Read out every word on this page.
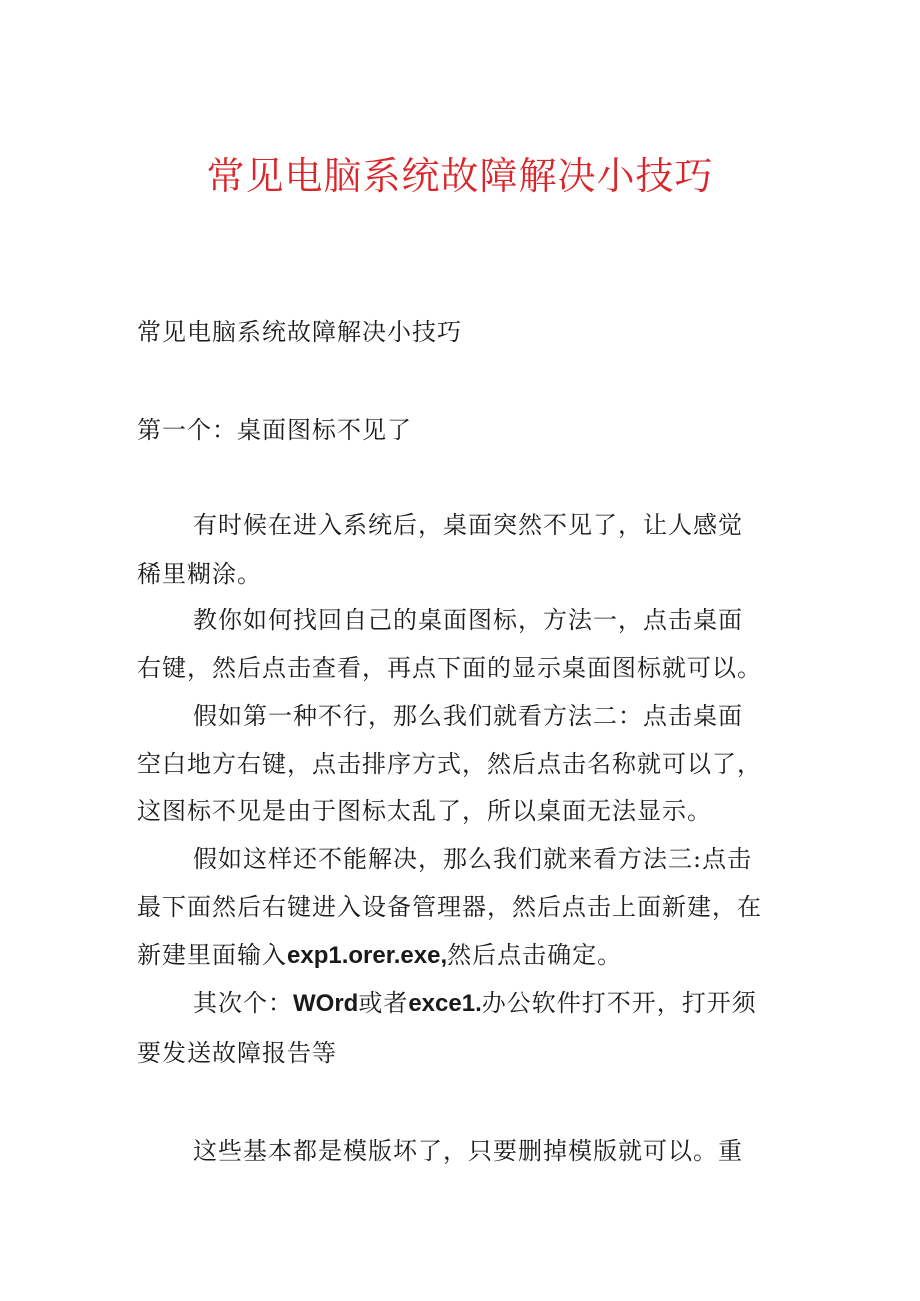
常见电脑系统故障解决小技巧
常见电脑系统故障解决小技巧
第一个：桌面图标不见了
有时候在进入系统后，桌面突然不见了，让人感觉
稀里糊涂。
教你如何找回自己的桌面图标，方法一，点击桌面
右键，然后点击查看，再点下面的显示桌面图标就可以。
假如第一种不行，那么我们就看方法二：点击桌面
空白地方右键，点击排序方式，然后点击名称就可以了，
这图标不见是由于图标太乱了，所以桌面无法显示。
假如这样还不能解决，那么我们就来看方法三:点击
最下面然后右键进入设备管理器，然后点击上面新建，在
新建里面输入exp1.orer.exe,然后点击确定。
其次个：WOrd或者exce1.办公软件打不开，打开须
要发送故障报告等
这些基本都是模版坏了，只要删掉模版就可以。重
